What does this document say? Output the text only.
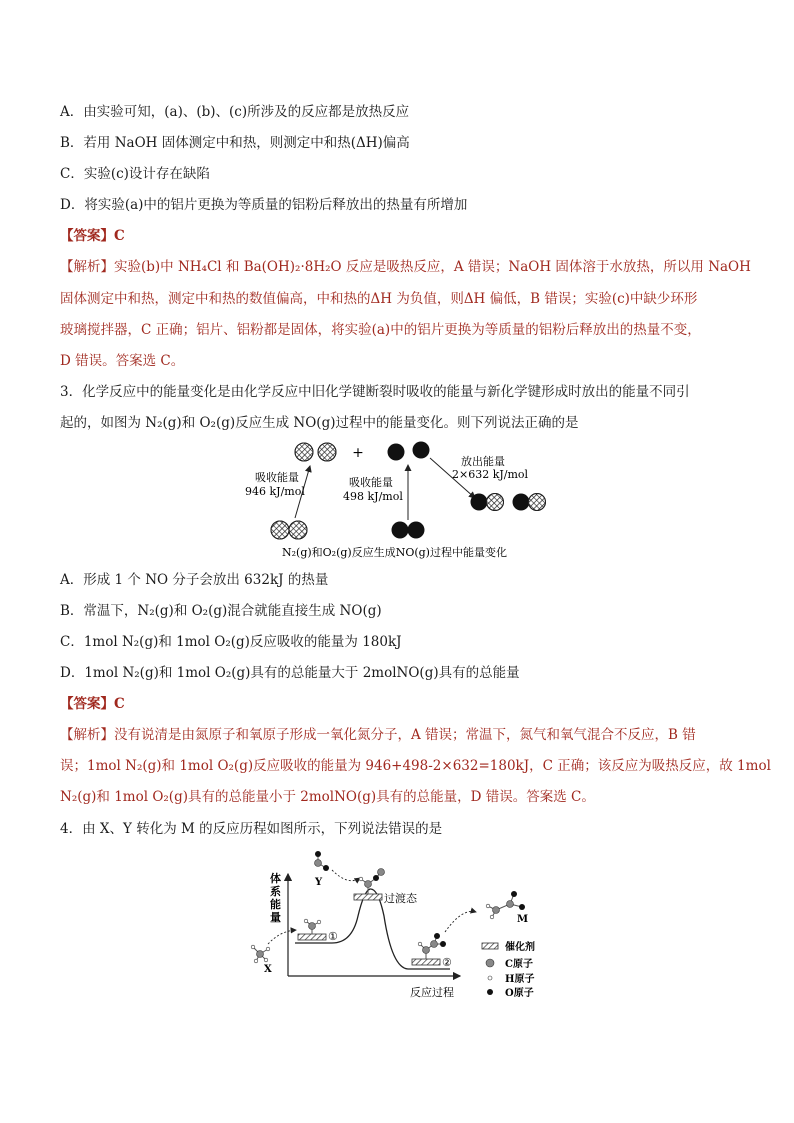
A．由实验可知，(a)、(b)、(c)所涉及的反应都是放热反应
B．若用 NaOH 固体测定中和热，则测定中和热(ΔH)偏高
C．实验(c)设计存在缺陷
D．将实验(a)中的铝片更换为等质量的铝粉后释放出的热量有所增加
【答案】C
【解析】实验(b)中 NH₄Cl 和 Ba(OH)₂·8H₂O 反应是吸热反应，A 错误；NaOH 固体溶于水放热，所以用 NaOH
固体测定中和热，测定中和热的数值偏高，中和热的ΔH 为负值，则ΔH 偏低，B 错误；实验(c)中缺少环形
玻璃搅拌器，C 正确；铝片、铝粉都是固体，将实验(a)中的铝片更换为等质量的铝粉后释放出的热量不变，
D 错误。答案选 C。
3．化学反应中的能量变化是由化学反应中旧化学键断裂时吸收的能量与新化学键形成时放出的能量不同引
起的，如图为 N₂(g)和 O₂(g)反应生成 NO(g)过程中的能量变化。则下列说法正确的是
+
吸收能量
946 kJ/mol
吸收能量
498 kJ/mol
放出能量
2×632 kJ/mol
N₂(g)和O₂(g)反应生成NO(g)过程中能量变化
A．形成 1 个 NO 分子会放出 632kJ 的热量
B．常温下，N₂(g)和 O₂(g)混合就能直接生成 NO(g)
C．1mol N₂(g)和 1mol O₂(g)反应吸收的能量为 180kJ
D．1mol N₂(g)和 1mol O₂(g)具有的总能量大于 2molNO(g)具有的总能量
【答案】C
【解析】没有说清是由氮原子和氧原子形成一氧化氮分子，A 错误；常温下，氮气和氧气混合不反应，B 错
误；1mol N₂(g)和 1mol O₂(g)反应吸收的能量为 946+498-2×632=180kJ，C 正确；该反应为吸热反应，故 1mol
N₂(g)和 1mol O₂(g)具有的总能量小于 2molNO(g)具有的总能量，D 错误。答案选 C。
4．由 X、Y 转化为 M 的反应历程如图所示，下列说法错误的是
体
系
能
量
反应过程
①
过渡态
②
X
Y
M
催化剂
C原子
H原子
O原子
